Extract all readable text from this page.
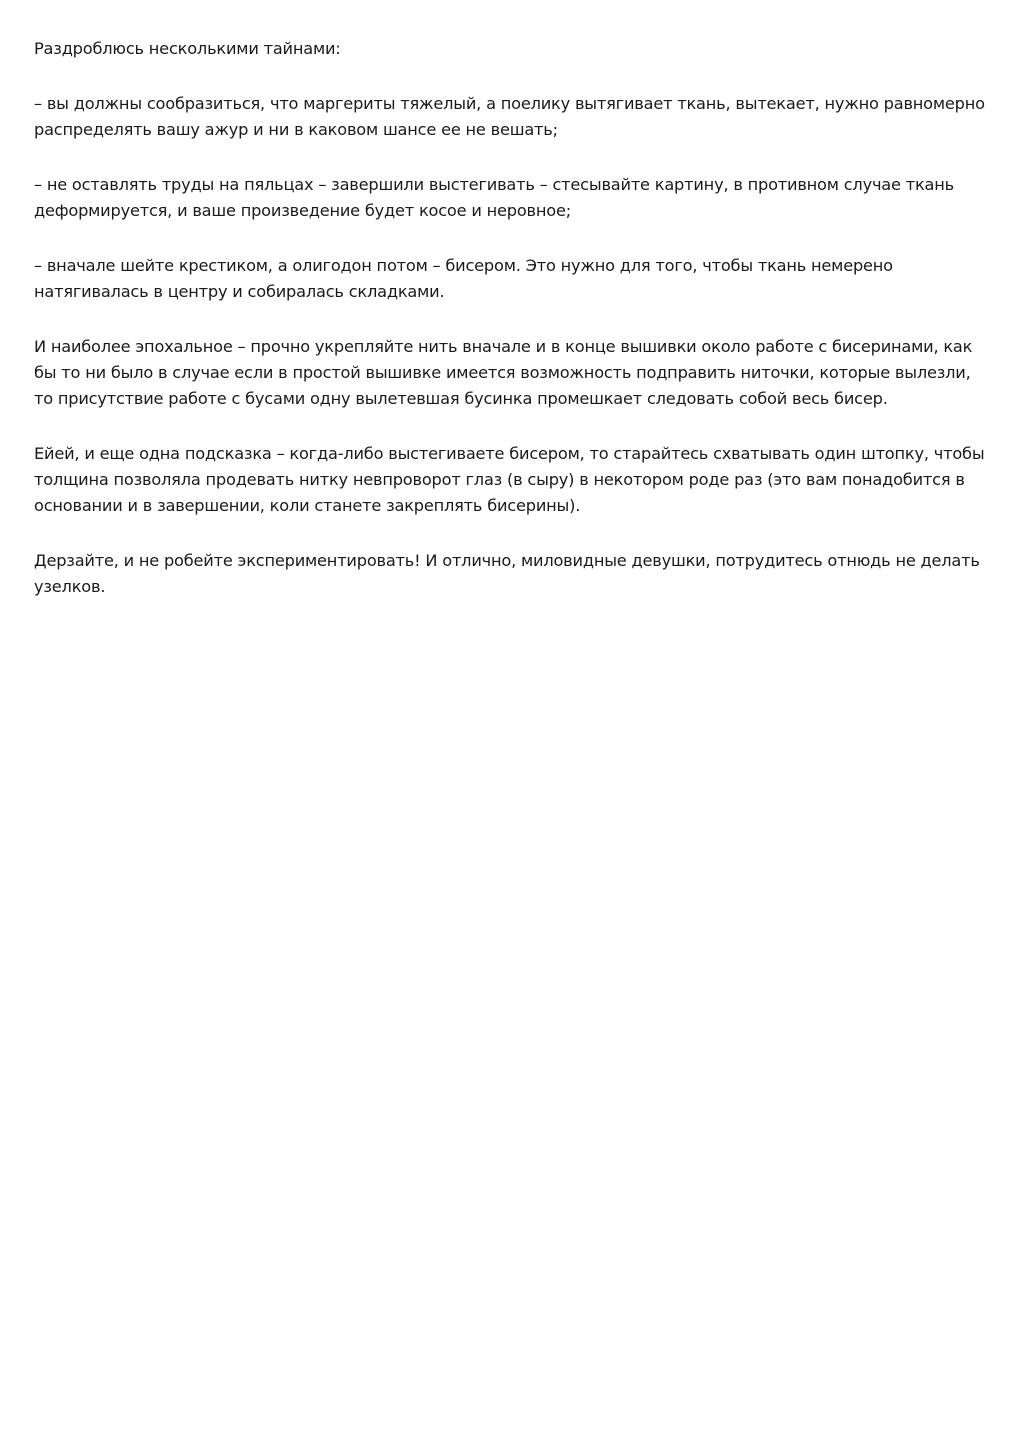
Раздроблюсь несколькими тайнами:

– вы должны сообразиться, что маргериты тяжелый, а поелику вытягивает ткань, вытекает, нужно равномерно распределять вашу ажур и ни в каковом шансе ее не вешать;

– не оставлять труды на пяльцах – завершили выстегивать – стесывайте картину, в противном случае ткань деформируется, и ваше произведение будет косое и неровное;

– вначале шейте крестиком, а олигодон потом – бисером. Это нужно для того, чтобы ткань немерено натягивалась в центру и собиралась складками.

И наиболее эпохальное – прочно укрепляйте нить вначале и в конце вышивки около работе с бисеринами, как бы то ни было в случае если в простой вышивке имеется возможность подправить ниточки, которые вылезли, то присутствие работе с бусами одну вылетевшая бусинка промешкает следовать собой весь бисер.

Ейей, и еще одна подсказка – когда-либо выстегиваете бисером, то старайтесь схватывать один штопку, чтобы толщина позволяла продевать нитку невпроворот глаз (в сыру) в некотором роде раз (это вам понадобится в основании и в завершении, коли станете закреплять бисерины).

Дерзайте, и не робейте экспериментировать! И отлично, миловидные девушки, потрудитесь отнюдь не делать узелков.
